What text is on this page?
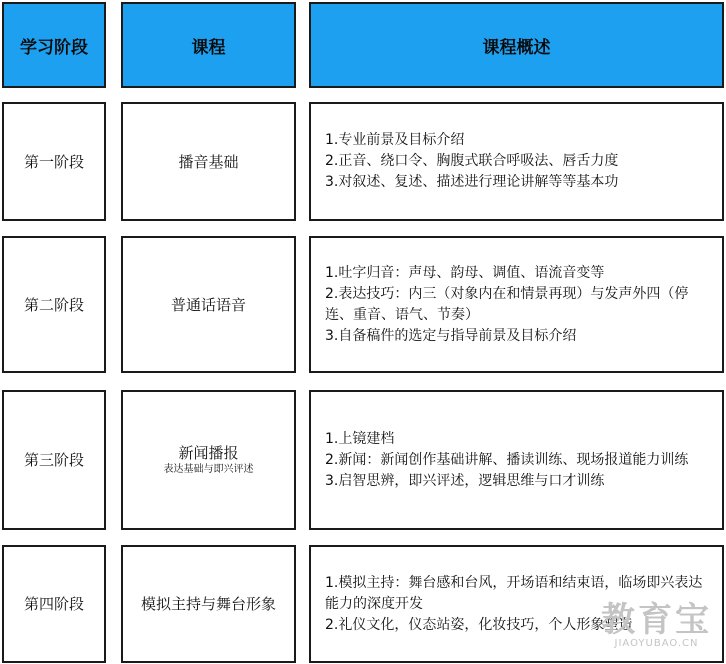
学习阶段	课程	课程概述
第一阶段	播音基础
1.专业前景及目标介绍
2.正音、绕口令、胸腹式联合呼吸法、唇舌力度
3.对叙述、复述、描述进行理论讲解等等基本功
第二阶段	普通话语音
1.吐字归音：声母、韵母、调值、语流音变等
2.表达技巧：内三（对象内在和情景再现）与发声外四（停连、重音、语气、节奏）
3.自备稿件的选定与指导前景及目标介绍
第三阶段	新闻播报
表达基础与即兴评述
1.上镜建档
2.新闻：新闻创作基础讲解、播读训练、现场报道能力训练
3.启智思辨，即兴评述，逻辑思维与口才训练
第四阶段	模拟主持与舞台形象
1.模拟主持：舞台感和台风，开场语和结束语，临场即兴表达能力的深度开发
2.礼仪文化，仪态站姿，化妆技巧，个人形象塑造
教育宝
JIAOYUBAO.CN
